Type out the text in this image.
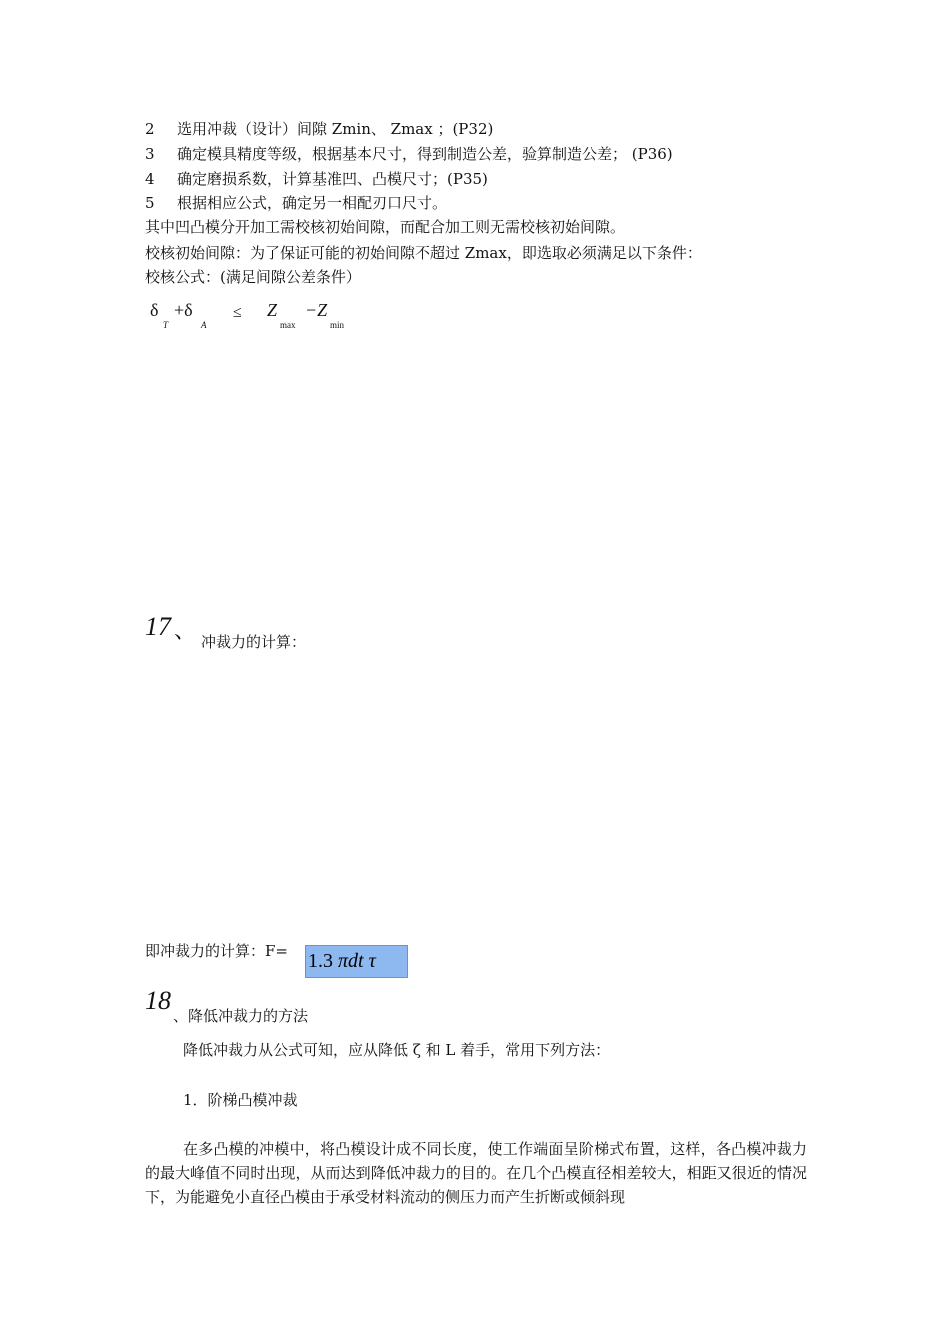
2 选用冲裁（设计）间隙 Zmin、 Zmax ；(P32)
3 确定模具精度等级，根据基本尺寸，得到制造公差，验算制造公差； (P36)
4 确定磨损系数，计算基准凹、凸模尺寸；(P35)
5 根据相应公式，确定另一相配刃口尺寸。
其中凹凸模分开加工需校核初始间隙，而配合加工则无需校核初始间隙。
校核初始间隙：为了保证可能的初始间隙不超过 Zmax，即选取必须满足以下条件：
校核公式：(满足间隙公差条件）
δ
T
+δ
A
≤ Z
max
−Z
min
17 、 冲裁力的计算：
即冲裁力的计算：F= 1.3 πdt τ
18
、降低冲裁力的方法
降低冲裁力从公式可知，应从降低 ζ 和 L 着手，常用下列方法：
1．阶梯凸模冲裁
在多凸模的冲模中，将凸模设计成不同长度，使工作端面呈阶梯式布置，这样，各凸模冲裁力的最大峰值不同时出现，从而达到降低冲裁力的目的。在几个凸模直径相差较大，相距又很近的情况下，为能避免小直径凸模由于承受材料流动的侧压力而产生折断或倾斜现
